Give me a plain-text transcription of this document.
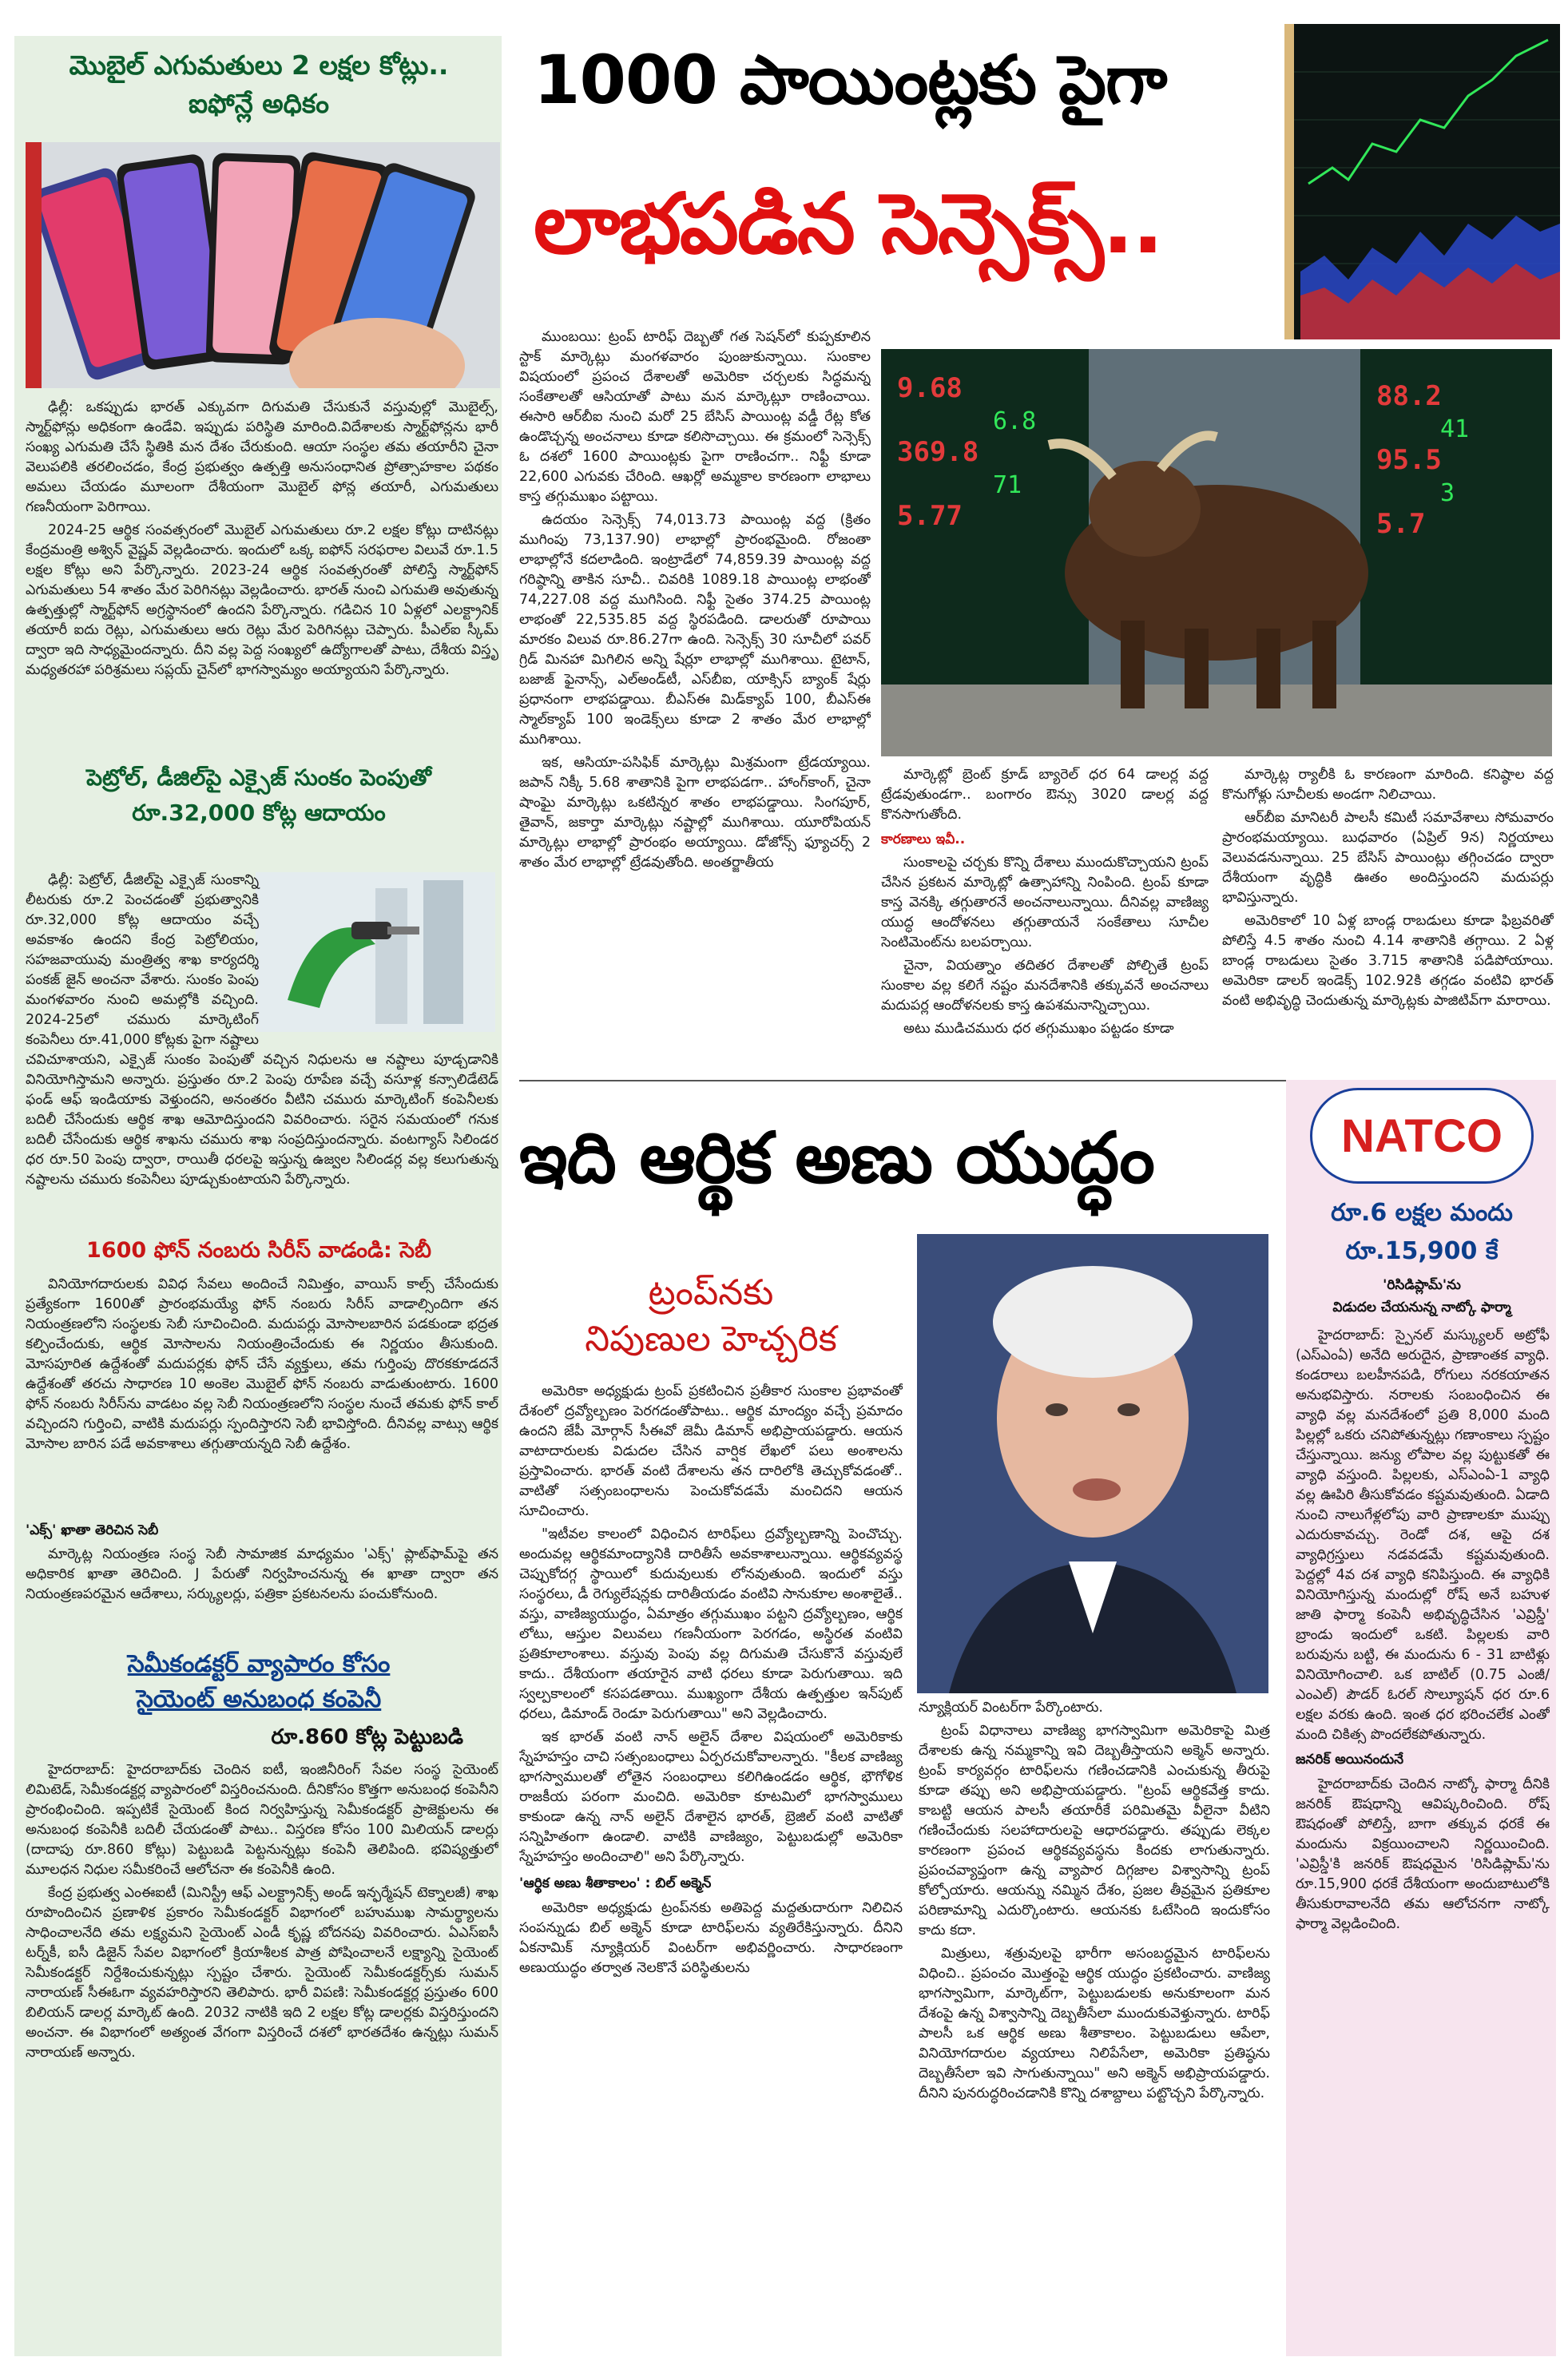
మొబైల్ ఎగుమతులు 2 లక్షల కోట్లు..
ఐఫోన్లే అధికం

ఢిల్లీ: ఒకప్పుడు భారత్ ఎక్కువగా దిగుమతి చేసుకునే వస్తువుల్లో మొబైల్స్, స్మార్ట్‌ఫోన్లు అధికంగా ఉండేవి. ఇప్పుడు పరిస్థితి మారింది.విదేశాలకు స్మార్ట్‌ఫోన్లను భారీ సంఖ్య ఎగుమతి చేసే స్థితికి మన దేశం చేరుకుంది. ఆయా సంస్థల తమ తయారీని చైనా వెలుపలికి తరలించడం, కేంద్ర ప్రభుత్వం ఉత్పత్తి అనుసంధానిత ప్రోత్సాహకాల పథకం అమలు చేయడం మూలంగా దేశీయంగా మొబైల్ ఫోన్ల తయారీ, ఎగుమతులు గణనీయంగా పెరిగాయి.

2024-25 ఆర్థిక సంవత్సరంలో మొబైల్ ఎగుమతులు రూ.2 లక్షల కోట్లు దాటినట్లు కేంద్రమంత్రి అశ్విన్ వైష్ణవ్ వెల్లడించారు. ఇందులో ఒక్క ఐఫోన్ సరఫరాల విలువే రూ.1.5 లక్షల కోట్లు అని పేర్కొన్నారు. 2023-24 ఆర్థిక సంవత్సరంతో పోలిస్తే స్మార్ట్‌ఫోన్ ఎగుమతులు 54 శాతం మేర పెరిగినట్లు వెల్లడించారు. భారత్ నుంచి ఎగుమతి అవుతున్న ఉత్పత్తుల్లో స్మార్ట్‌ఫోన్ అగ్రస్థానంలో ఉందని పేర్కొన్నారు. గడిచిన 10 ఏళ్లలో ఎలక్ట్రానిక్ తయారీ ఐదు రెట్లు, ఎగుమతులు ఆరు రెట్లు మేర పెరిగినట్లు చెప్పారు. పీఎల్‌ఐ స్కీమ్ ద్వారా ఇది సాధ్యమైందన్నారు. దీని వల్ల పెద్ద సంఖ్యలో ఉద్యోగాలతో పాటు, దేశీయ విస్తృ మధ్యతరహా పరిశ్రమలు సప్లయ్ చైన్‌లో భాగస్వామ్యం అయ్యాయని పేర్కొన్నారు.

పెట్రోల్, డీజిల్‌పై ఎక్సైజ్ సుంకం పెంపుతో
రూ.32,000 కోట్ల ఆదాయం

ఢిల్లీ: పెట్రోల్, డీజిల్‌పై ఎక్సైజ్ సుంకాన్ని లీటరుకు రూ.2 పెంచడంతో ప్రభుత్వానికి రూ.32,000 కోట్ల ఆదాయం వచ్చే అవకాశం ఉందని కేంద్ర పెట్రోలియం, సహజవాయువు మంత్రిత్వ శాఖ కార్యదర్శి పంకజ్ జైన్ అంచనా వేశారు. సుంకం పెంపు మంగళవారం నుంచి అమల్లోకి వచ్చింది. 2024-25లో చమురు మార్కెటింగ్ కంపెనీలు రూ.41,000 కోట్లకు పైగా నష్టాలు చవిచూశాయని, ఎక్సైజ్ సుంకం పెంపుతో వచ్చిన నిధులను ఆ నష్టాలు పూడ్చడానికి వినియోగిస్తామని అన్నారు. ప్రస్తుతం రూ.2 పెంపు రూపేణ వచ్చే వసూళ్ల కన్సాలిడేటెడ్ ఫండ్ ఆఫ్ ఇండియాకు వెళ్తుందని, అనంతరం వీటిని చమురు మార్కెటింగ్ కంపెనీలకు బదిలీ చేసేందుకు ఆర్థిక శాఖ ఆమోదిస్తుందని వివరించారు. సరైన సమయంలో గనుక బదిలీ చేసేందుకు ఆర్థిక శాఖను చమురు శాఖ సంప్రదిస్తుందన్నారు. వంటగ్యాస్ సిలిండర ధర రూ.50 పెంపు ద్వారా, రాయితీ ధరలపై ఇస్తున్న ఉజ్వల సిలిండర్ల వల్ల కలుగుతున్న నష్టాలను చమురు కంపెనీలు పూడ్చుకుంటాయని పేర్కొన్నారు.

1600 ఫోన్ నంబరు సిరీస్ వాడండి: సెబీ

వినియోగదారులకు వివిధ సేవలు అందించే నిమిత్తం, వాయిస్ కాల్స్ చేసేందుకు ప్రత్యేకంగా 1600తో ప్రారంభమయ్యే ఫోన్ నంబరు సిరీస్ వాడాల్సిందిగా తన నియంత్రణలోని సంస్థలకు సెబీ సూచించింది. మదుపర్లు మోసాలబారిన పడకుండా భద్రత కల్పించేందుకు, ఆర్థిక మోసాలను నియంత్రించేందుకు ఈ నిర్ణయం తీసుకుంది. మోసపూరిత ఉద్దేశంతో మదుపర్లకు ఫోన్ చేసే వ్యక్తులు, తమ గుర్తింపు దొరకకూడదనే ఉద్దేశంతో తరచు సాధారణ 10 అంకెల మొబైల్ ఫోన్ నంబరు వాడుతుంటారు. 1600 ఫోన్ నంబరు సిరీస్‌ను వాడటం వల్ల సెబీ నియంత్రణలోని సంస్థల నుంచే తమకు ఫోన్ కాల్ వచ్చిందని గుర్తించి, వాటికి మదుపర్లు స్పందిస్తారని సెబీ భావిస్తోంది. దీనివల్ల వాట్సు ఆర్థిక మోసాల బారిన పడే అవకాశాలు తగ్గుతాయన్నది సెబీ ఉద్దేశం.

'ఎక్స్' ఖాతా తెరిచిన సెబీ

మార్కెట్ల నియంత్రణ సంస్థ సెబీ సామాజిక మాధ్యమం 'ఎక్స్' ప్లాట్‌ఫామ్‌పై తన అధికారిక ఖాతా తెరిచింది. J పేరుతో నిర్వహించనున్న ఈ ఖాతా ద్వారా తన నియంత్రణపరమైన ఆదేశాలు, సర్క్యులర్లు, పత్రికా ప్రకటనలను పంచుకోనుంది.

సెమీకండక్టర్ వ్యాపారం కోసం
సైయెంట్ అనుబంధ కంపెనీ
రూ.860 కోట్ల పెట్టుబడి

హైదరాబాద్: హైదరాబాద్‌కు చెందిన ఐటీ, ఇంజినీరింగ్ సేవల సంస్థ సైయెంట్ లిమిటెడ్, సెమీకండక్టర్ల వ్యాపారంలో విస్తరించనుంది. దీనికోసం కొత్తగా అనుబంధ కంపెనీని ప్రారంభించింది. ఇప్పటికే సైయెంట్ కింద నిర్వహిస్తున్న సెమీకండక్టర్ ప్రాజెక్టులను ఈ అనుబంధ కంపెనీకి బదిలీ చేయడంతో పాటు.. విస్తరణ కోసం 100 మిలియన్ డాలర్లు (దాదాపు రూ.860 కోట్లు) పెట్టుబడి పెట్టనున్నట్లు కంపెనీ తెలిపింది. భవిష్యత్తులో మూలధన నిధుల సమీకరించే ఆలోచనా ఈ కంపెనీకి ఉంది.

కేంద్ర ప్రభుత్వ ఎంఈఐటీ (మినిస్ట్రీ ఆఫ్ ఎలక్ట్రానిక్స్ అండ్ ఇన్ఫర్మేషన్ టెక్నాలజీ) శాఖ రూపొందించిన ప్రణాళిక ప్రకారం సెమీకండక్టర్ విభాగంలో బహుముఖ సామర్థ్యాలను సాధించాలనేది తమ లక్ష్యమని సైయెంట్ ఎండీ కృష్ణ బోదనపు వివరించారు. ఏఎస్ఐసీ టర్న్‌కీ, ఐసీ డిజైన్ సేవల విభాగంలో క్రియాశీలక పాత్ర పోషించాలనే లక్ష్యాన్ని సైయెంట్ సెమీకండక్టర్ నిర్దేశించుకున్నట్లు స్పష్టం చేశారు. సైయెంట్ సెమీకండక్టర్స్‌కు సుమన్ నారాయణ్ సీఈఓగా వ్యవహరిస్తారని తెలిపారు. భారీ విపణి: సెమీకండక్టర్ల ప్రస్తుతం 600 బిలియన్ డాలర్ల మార్కెట్ ఉంది. 2032 నాటికి ఇది 2 లక్షల కోట్ల డాలర్లకు విస్తరిస్తుందని అంచనా. ఈ విభాగంలో అత్యంత వేగంగా విస్తరించే దశలో భారతదేశం ఉన్నట్లు సుమన్ నారాయణ్ అన్నారు.

1000 పాయింట్లకు పైగా
లాభపడిన సెన్సెక్స్..

ముంబయి: ట్రంప్ టారిఫ్ దెబ్బతో గత సెషన్‌లో కుప్పకూలిన స్టాక్ మార్కెట్లు మంగళవారం పుంజుకున్నాయి. సుంకాల విషయంలో ప్రపంచ దేశాలతో అమెరికా చర్చలకు సిద్ధమన్న సంకేతాలతో ఆసియాతో పాటు మన మార్కెట్లూ రాణించాయి. ఈసారి ఆర్‌బీఐ నుంచి మరో 25 బేసిస్ పాయింట్ల వడ్డీ రేట్ల కోత ఉండొచ్చన్న అంచనాలు కూడా కలిసొచ్చాయి. ఈ క్రమంలో సెన్సెక్స్ ఓ దశలో 1600 పాయింట్లకు పైగా రాణించగా.. నిఫ్టీ కూడా 22,600 ఎగువకు చేరింది. ఆఖర్లో అమ్మకాల కారణంగా లాభాలు కాస్త తగ్గుముఖం పట్టాయి.

ఉదయం సెన్సెక్స్ 74,013.73 పాయింట్ల వద్ద (క్రితం ముగింపు 73,137.90) లాభాల్లో ప్రారంభమైంది. రోజంతా లాభాల్లోనే కదలాడింది. ఇంట్రాడేలో 74,859.39 పాయింట్ల వద్ద గరిష్ఠాన్ని తాకిన సూచీ.. చివరికి 1089.18 పాయింట్ల లాభంతో 74,227.08 వద్ద ముగిసింది. నిఫ్టీ సైతం 374.25 పాయింట్ల లాభంతో 22,535.85 వద్ద స్థిరపడింది. డాలరుతో రూపాయి మారకం విలువ రూ.86.27గా ఉంది. సెన్సెక్స్ 30 సూచీలో పవర్ గ్రిడ్ మినహా మిగిలిన అన్ని షేర్లూ లాభాల్లో ముగిశాయి. టైటాన్, బజాజ్ ఫైనాన్స్, ఎల్‌అండ్‌టీ, ఎస్‌బీఐ, యాక్సిస్ బ్యాంక్ షేర్లు ప్రధానంగా లాభపడ్డాయి. బీఎస్‌ఈ మిడ్‌క్యాప్ 100, బీఎస్‌ఈ స్మాల్‌క్యాప్ 100 ఇండెక్స్‌లు కూడా 2 శాతం మేర లాభాల్లో ముగిశాయి.

ఇక, ఆసియా-పసిఫిక్ మార్కెట్లు మిశ్రమంగా ట్రేడయ్యాయి. జపాన్ నిక్కీ 5.68 శాతానికి పైగా లాభపడగా.. హాంగ్‌కాంగ్, చైనా షాంఘై మార్కెట్లు ఒకటిన్నర శాతం లాభపడ్డాయి. సింగపూర్, తైవాన్, జకార్తా మార్కెట్లు నష్టాల్లో ముగిశాయి. యూరోపియన్ మార్కెట్లు లాభాల్లో ప్రారంభం అయ్యాయి. డోజోన్స్ ఫ్యూచర్స్ 2 శాతం మేర లాభాల్లో ట్రేడవుతోంది. అంతర్జాతీయ

9.68
369.8
5.77
88.2
95.5
5.7
6.8
71
41
3

మార్కెట్లో బ్రెంట్ క్రూడ్ బ్యారెల్ ధర 64 డాలర్ల వద్ద ట్రేడవుతుండగా.. బంగారం ఔన్సు 3020 డాలర్ల వద్ద కొనసాగుతోంది.

కారణాలు ఇవీ..

సుంకాలపై చర్చకు కొన్ని దేశాలు ముందుకొచ్చాయని ట్రంప్ చేసిన ప్రకటన మార్కెట్లో ఉత్సాహాన్ని నింపింది. ట్రంప్ కూడా కాస్త వెనక్కి తగ్గుతారనే అంచనాలున్నాయి. దీనివల్ల వాణిజ్య యుద్ధ ఆందోళనలు తగ్గుతాయనే సంకేతాలు సూచీల సెంటిమెంట్‌ను బలపర్చాయి.

చైనా, వియత్నాం తదితర దేశాలతో పోల్చితే ట్రంప్ సుంకాల వల్ల కలిగే నష్టం మనదేశానికి తక్కువనే అంచనాలు మదుపర్ల ఆందోళనలకు కాస్త ఉపశమనాన్నిచ్చాయి.

అటు ముడిచమురు ధర తగ్గుముఖం పట్టడం కూడా

మార్కెట్ల ర్యాలీకి ఓ కారణంగా మారింది. కనిష్ఠాల వద్ద కొనుగోళ్లు సూచీలకు అండగా నిలిచాయి.

ఆర్‌బీఐ మానిటరీ పాలసీ కమిటీ సమావేశాలు సోమవారం ప్రారంభమయ్యాయి. బుధవారం (ఏప్రిల్ 9న) నిర్ణయాలు వెలువడనున్నాయి. 25 బేసిస్ పాయింట్లు తగ్గించడం ద్వారా దేశీయంగా వృద్ధికి ఊతం అందిస్తుందని మదుపర్లు భావిస్తున్నారు.

అమెరికాలో 10 ఏళ్ల బాండ్ల రాబడులు కూడా ఫిబ్రవరితో పోలిస్తే 4.5 శాతం నుంచి 4.14 శాతానికి తగ్గాయి. 2 ఏళ్ల బాండ్ల రాబడులు సైతం 3.715 శాతానికి పడిపోయాయి. అమెరికా డాలర్ ఇండెక్స్ 102.92కి తగ్గడం వంటివి భారత్ వంటి అభివృద్ధి చెందుతున్న మార్కెట్లకు పాజిటివ్‌గా మారాయి.

ఇది ఆర్థిక అణు యుద్ధం
ట్రంప్‌నకు
నిపుణుల హెచ్చరిక

అమెరికా అధ్యక్షుడు ట్రంప్ ప్రకటించిన ప్రతీకార సుంకాల ప్రభావంతో దేశంలో ద్రవ్యోల్బణం పెరగడంతోపాటు.. ఆర్థిక మాంద్యం వచ్చే ప్రమాదం ఉందని జేపీ మోర్గాన్ సీఈవో జెమీ డిమాన్ అభిప్రాయపడ్డారు. ఆయన వాటాదారులకు విడుదల చేసిన వార్షిక లేఖలో పలు అంశాలను ప్రస్తావించారు. భారత్ వంటి దేశాలను తన దారిలోకి తెచ్చుకోవడంతో.. వాటితో సత్సంబంధాలను పెంచుకోవడమే మంచిదని ఆయన సూచించారు.

"ఇటీవల కాలంలో విధించిన టారిఫ్‌లు ద్రవ్యోల్బణాన్ని పెంచొచ్చు. అందువల్ల ఆర్థికమాంద్యానికి దారితీసే అవకాశాలున్నాయి. ఆర్థికవ్యవస్థ చెప్పుకోదగ్గ స్థాయిలో కుదువులుకు లోనవుతుంది. ఇందులో వస్తు సంస్థరలు, డీ రెగ్యులేషన్లకు దారితీయడం వంటివి సానుకూల అంశాలైతే.. వస్తు, వాణిజ్యయుద్ధం, ఏమాత్రం తగ్గుముఖం పట్టని ద్రవ్యోల్బణం, ఆర్థిక లోటు, ఆస్తుల విలువలు గణనీయంగా పెరగడం, అస్థిరత వంటివి ప్రతికూలాంశాలు. వస్తువు పెంపు వల్ల దిగుమతి చేసుకొనే వస్తువులే కాదు.. దేశీయంగా తయారైన వాటి ధరలు కూడా పెరుగుతాయి. ఇది స్వల్పకాలంలో కసపడతాయి. ముఖ్యంగా దేశీయ ఉత్పత్తుల ఇన్‌పుట్ ధరలు, డిమాండ్ రెండూ పెరుగుతాయి" అని వెల్లడించారు.

ఇక భారత్ వంటి నాన్ అలైన్ దేశాల విషయంలో అమెరికాకు స్నేహహస్తం చాచి సత్సంబంధాలు ఏర్పరచుకోవాలన్నారు. "కీలక వాణిజ్య భాగస్వాములతో లోతైన సంబంధాలు కలిగిఉండడం ఆర్థిక, భౌగోళిక రాజకీయ పరంగా మంచిది. అమెరికా కూటమిలో భాగస్వాములు కాకుండా ఉన్న నాన్ అలైన్ దేశాలైన భారత్, బ్రెజిల్ వంటి వాటితో సన్నిహితంగా ఉండాలి. వాటికి వాణిజ్యం, పెట్టుబడుల్లో అమెరికా స్నేహహస్తం అందించాలి" అని పేర్కొన్నారు.

'ఆర్థిక అణు శీతాకాలం' : బిల్ అక్మెన్

అమెరికా అధ్యక్షుడు ట్రంప్‌నకు అతిపెద్ద మద్దతుదారుగా నిలిచిన సంపన్నుడు బిల్ అక్మెన్ కూడా టారిఫ్‌లను వ్యతిరేకిస్తున్నారు. దీనిని ఏకనామిక్ న్యూక్లియర్ వింటర్‌గా అభివర్ణించారు. సాధారణంగా అణుయుద్ధం తర్వాత నెలకొనే పరిస్థితులను

న్యూక్లియర్ వింటర్‌గా పేర్కొంటారు.

ట్రంప్ విధానాలు వాణిజ్య భాగస్వామిగా అమెరికాపై మిత్ర దేశాలకు ఉన్న నమ్మకాన్ని ఇవి దెబ్బతీస్తాయని అక్మెన్ అన్నారు. ట్రంప్ కార్యవర్గం టారిఫ్‌లను గణించడానికి ఎంచుకున్న తీరుపై కూడా తప్పు అని అభిప్రాయపడ్డారు. "ట్రంప్ ఆర్థికవేత్త కాదు. కాబట్టి ఆయన పాలసీ తయారీకే పరిమితమై వీలైనా వీటిని గణించేందుకు సలహాదారులపై ఆధారపడ్డారు. తప్పుడు లెక్కల కారణంగా ప్రపంచ ఆర్థికవ్యవస్థను కిందకు లాగుతున్నారు. ప్రపంచవ్యాప్తంగా ఉన్న వ్యాపార దిగ్గజాల విశ్వాసాన్ని ట్రంప్ కోల్పోయారు. ఆయన్ను నమ్మిన దేశం, ప్రజల తీవ్రమైన ప్రతికూల పరిణామాన్ని ఎదుర్కొంటారు. ఆయనకు ఓటేసింది ఇందుకోసం కాదు కదా.

మిత్రులు, శత్రువులపై భారీగా అసంబద్ధమైన టారిఫ్‌లను విధించి.. ప్రపంచం మొత్తంపై ఆర్థిక యుద్ధం ప్రకటించారు. వాణిజ్య భాగస్వామిగా, మార్కెట్‌గా, పెట్టుబడులకు అనుకూలంగా మన దేశంపై ఉన్న విశ్వాసాన్ని దెబ్బతీసేలా ముందుకువెళ్తున్నారు. టారిఫ్ పాలసీ ఒక ఆర్థిక అణు శీతాకాలం. పెట్టుబడులు ఆపేలా, వినియోగదారుల వ్యయాలు నిలిపేసేలా, అమెరికా ప్రతిష్ఠను దెబ్బతీసేలా ఇవి సాగుతున్నాయి" అని అక్మెన్ అభిప్రాయపడ్డారు. దీనిని పునరుద్ధరించడానికి కొన్ని దశాబ్దాలు పట్టొచ్చని పేర్కొన్నారు.

NATCO
రూ.6 లక్షల మందు
రూ.15,900 కే
'రిసిడిప్లామ్'ను
విడుదల చేయనున్న నాట్కో ఫార్మా

హైదరాబాద్: స్పైనల్ మస్క్యులర్ అట్రోఫీ (ఎస్ఎంఏ) అనేది అరుదైన, ప్రాణాంతక వ్యాధి. కండరాలు బలహీనపడి, రోగులు నరకయాతన అనుభవిస్తారు. నరాలకు సంబంధించిన ఈ వ్యాధి వల్ల మనదేశంలో ప్రతి 8,000 మంది పిల్లల్లో ఒకరు చనిపోతున్నట్లు గణాంకాలు స్పష్టం చేస్తున్నాయి. జన్యు లోపాల వల్ల పుట్టుకతో ఈ వ్యాధి వస్తుంది. పిల్లలకు, ఎస్ఎంఏ-1 వ్యాధి వల్ల ఊపిరి తీసుకోవడం కష్టమవుతుంది. ఏడాది నుంచి నాలుగేళ్లలోపు వారి ప్రాణాలకూ ముప్పు ఎదురుకావచ్చు. రెండో దశ, ఆపై దశ వ్యాధిగ్రస్తులు నడవడమే కష్టమవుతుంది. పెద్దల్లో 4వ దశ వ్యాధి కనిపిస్తుంది. ఈ వ్యాధికి వినియోగిస్తున్న మందుల్లో రోష్ అనే బహుళ జాతి ఫార్మా కంపెనీ అభివృద్ధిచేసిన 'ఎవ్రిస్డీ' బ్రాండు ఇందులో ఒకటి. పిల్లలకు వారి బరువును బట్టి, ఈ మందును 6 - 31 బాటిళ్లు వినియోగించాలి. ఒక బాటిల్ (0.75 ఎంజీ/ఎంఎల్) పౌడర్ ఓరల్ సొల్యూషన్ ధర రూ.6 లక్షల వరకు ఉంది. ఇంత ధర భరించలేక ఎంతో మంది చికిత్స పొందలేకపోతున్నారు.

జనరిక్ అయినందునే

హైదరాబాద్‌కు చెందిన నాట్కో ఫార్మా దీనికి జనరిక్ ఔషధాన్ని ఆవిష్కరించింది. రోష్ ఔషధంతో పోలిస్తే, బాగా తక్కువ ధరకే ఈ మందును విక్రయించాలని నిర్ణయించింది. 'ఎవ్రిస్డీ'కి జనరిక్ ఔషధమైన 'రిసిడిప్లామ్'ను రూ.15,900 ధరకే దేశీయంగా అందుబాటులోకి తీసుకురావాలనేది తమ ఆలోచనగా నాట్కో ఫార్మా వెల్లడించింది.
